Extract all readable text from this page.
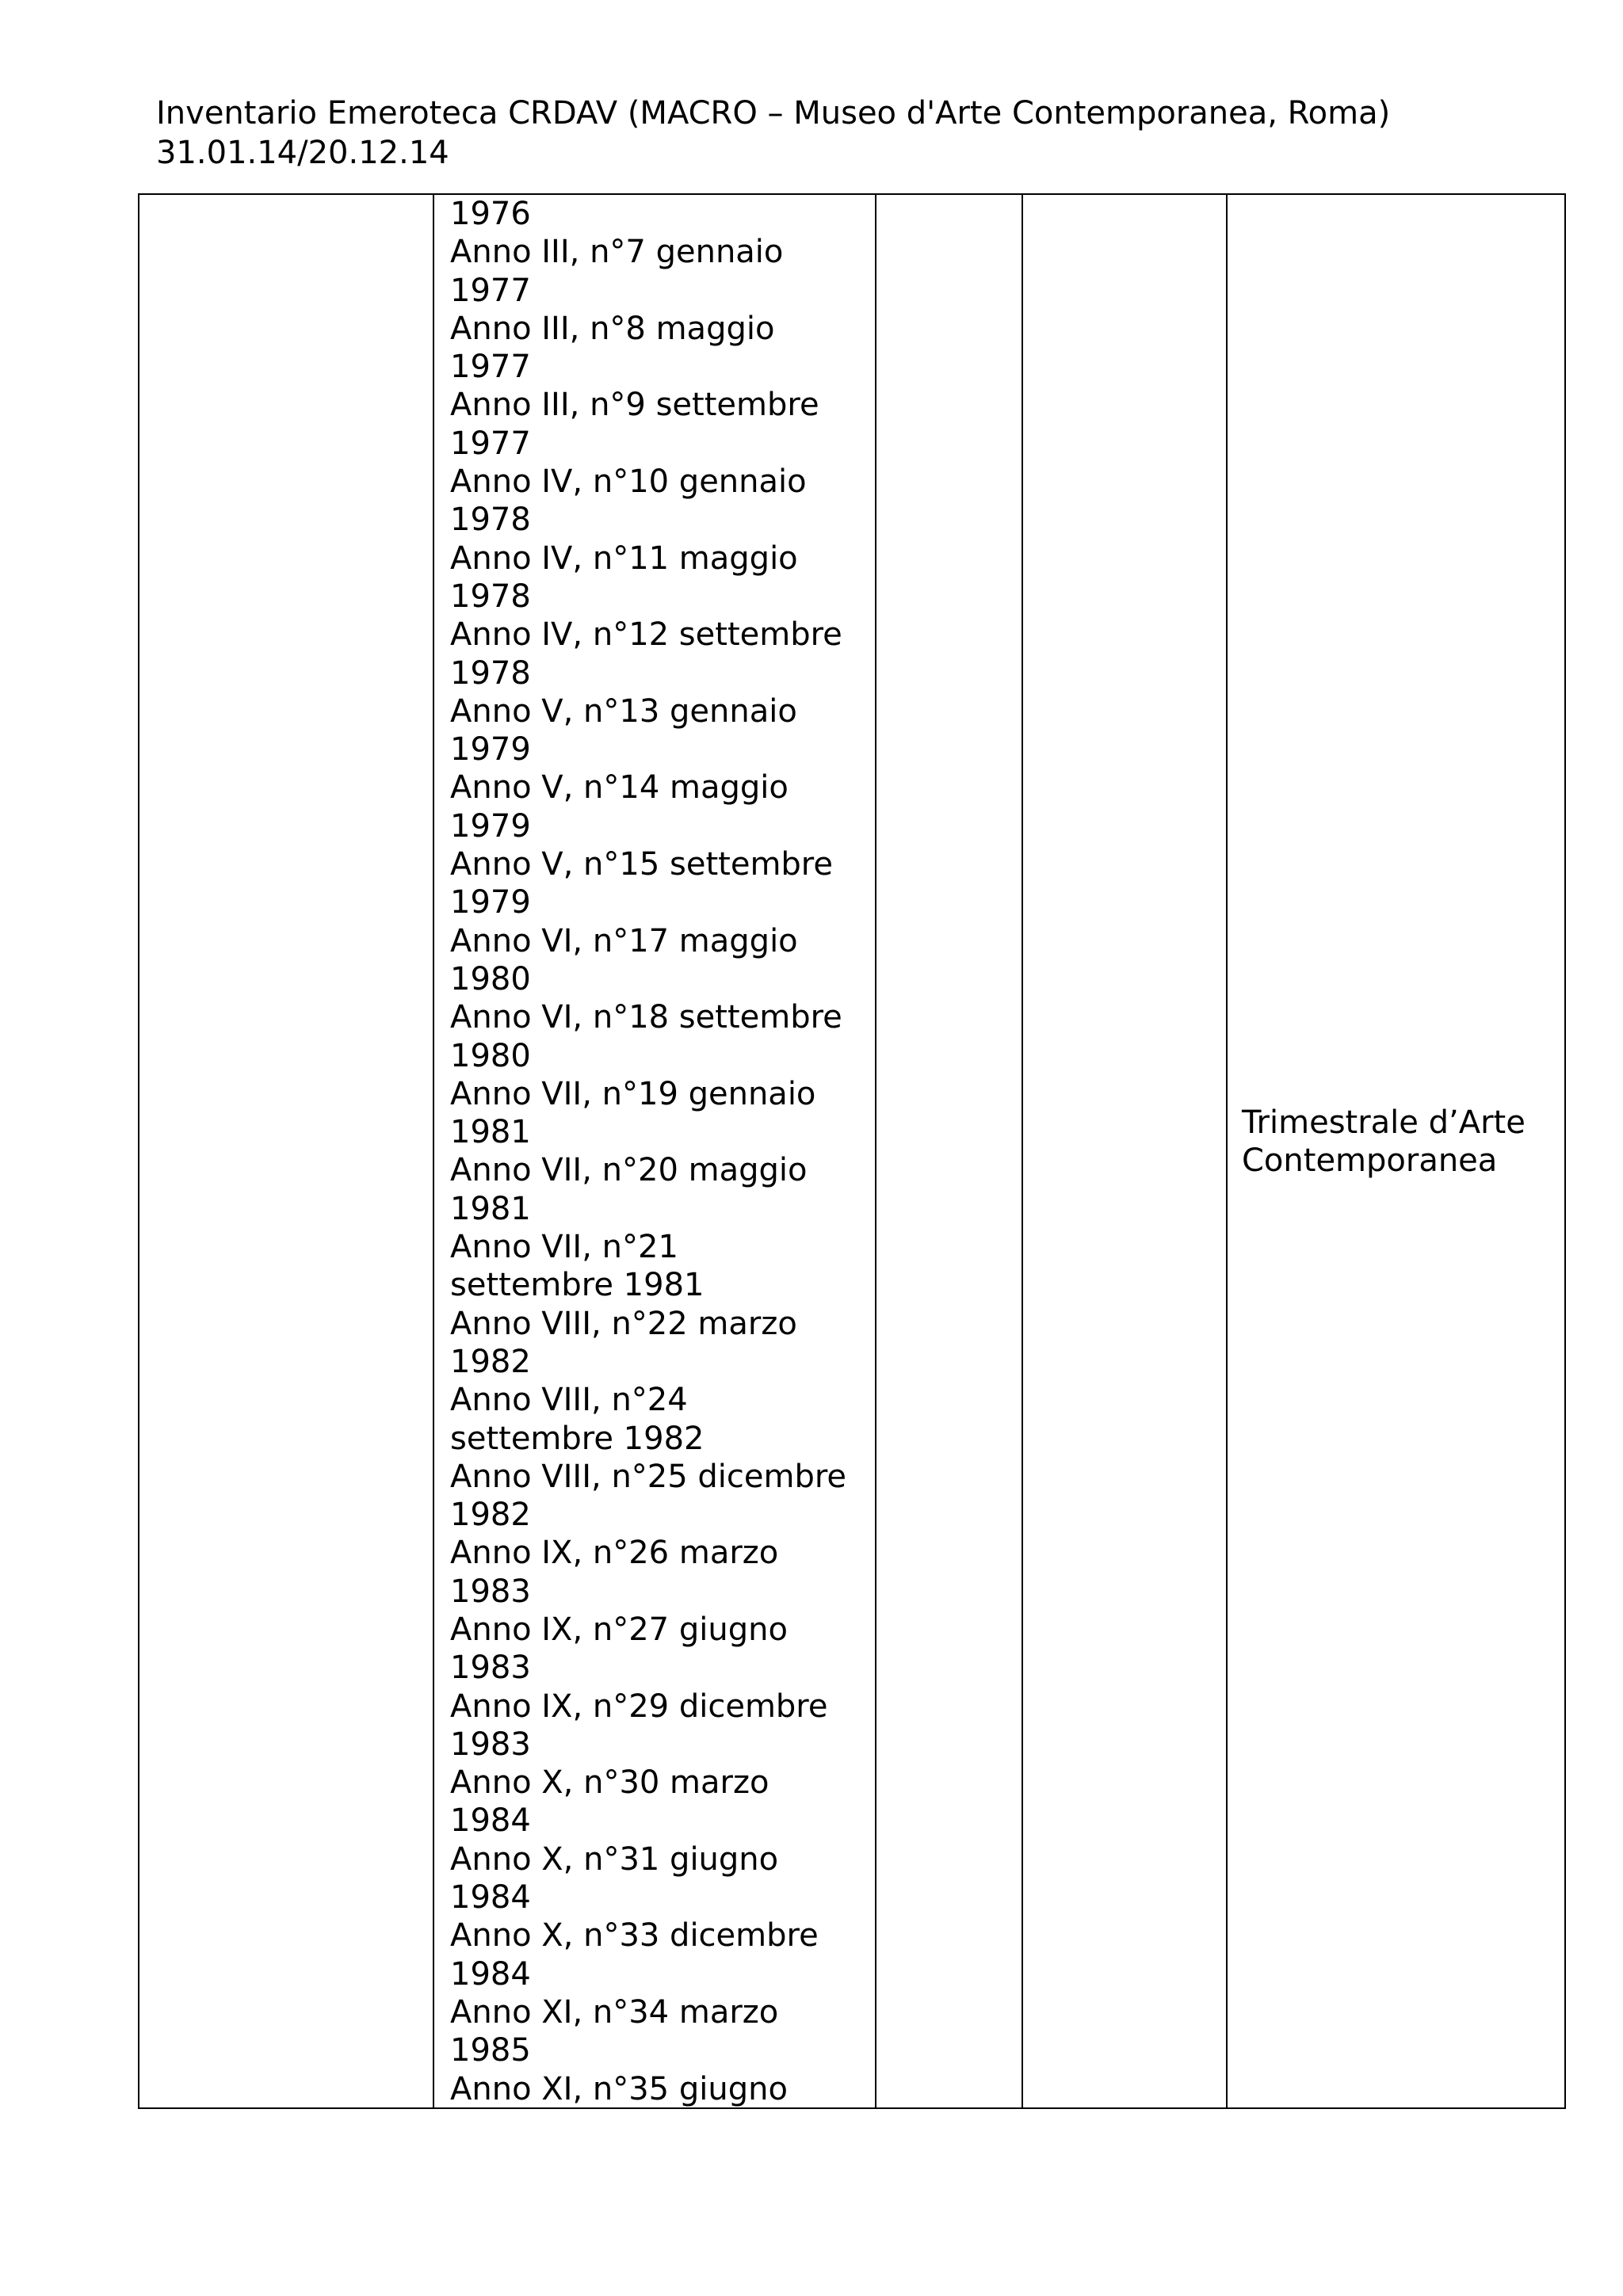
Inventario Emeroteca CRDAV (MACRO – Museo d'Arte Contemporanea, Roma)
31.01.14/20.12.14

1976
Anno III, n°7 gennaio
1977
Anno III, n°8 maggio
1977
Anno III, n°9 settembre
1977
Anno IV, n°10 gennaio
1978
Anno IV, n°11 maggio
1978
Anno IV, n°12 settembre
1978
Anno V, n°13 gennaio
1979
Anno V, n°14 maggio
1979
Anno V, n°15 settembre
1979
Anno VI, n°17 maggio
1980
Anno VI, n°18 settembre
1980
Anno VII, n°19 gennaio
1981
Anno VII, n°20 maggio
1981
Anno VII, n°21
settembre 1981
Anno VIII, n°22 marzo
1982
Anno VIII, n°24
settembre 1982
Anno VIII, n°25 dicembre
1982
Anno IX, n°26 marzo
1983
Anno IX, n°27 giugno
1983
Anno IX, n°29 dicembre
1983
Anno X, n°30 marzo
1984
Anno X, n°31 giugno
1984
Anno X, n°33 dicembre
1984
Anno XI, n°34 marzo
1985
Anno XI, n°35 giugno

Trimestrale d’Arte
Contemporanea
